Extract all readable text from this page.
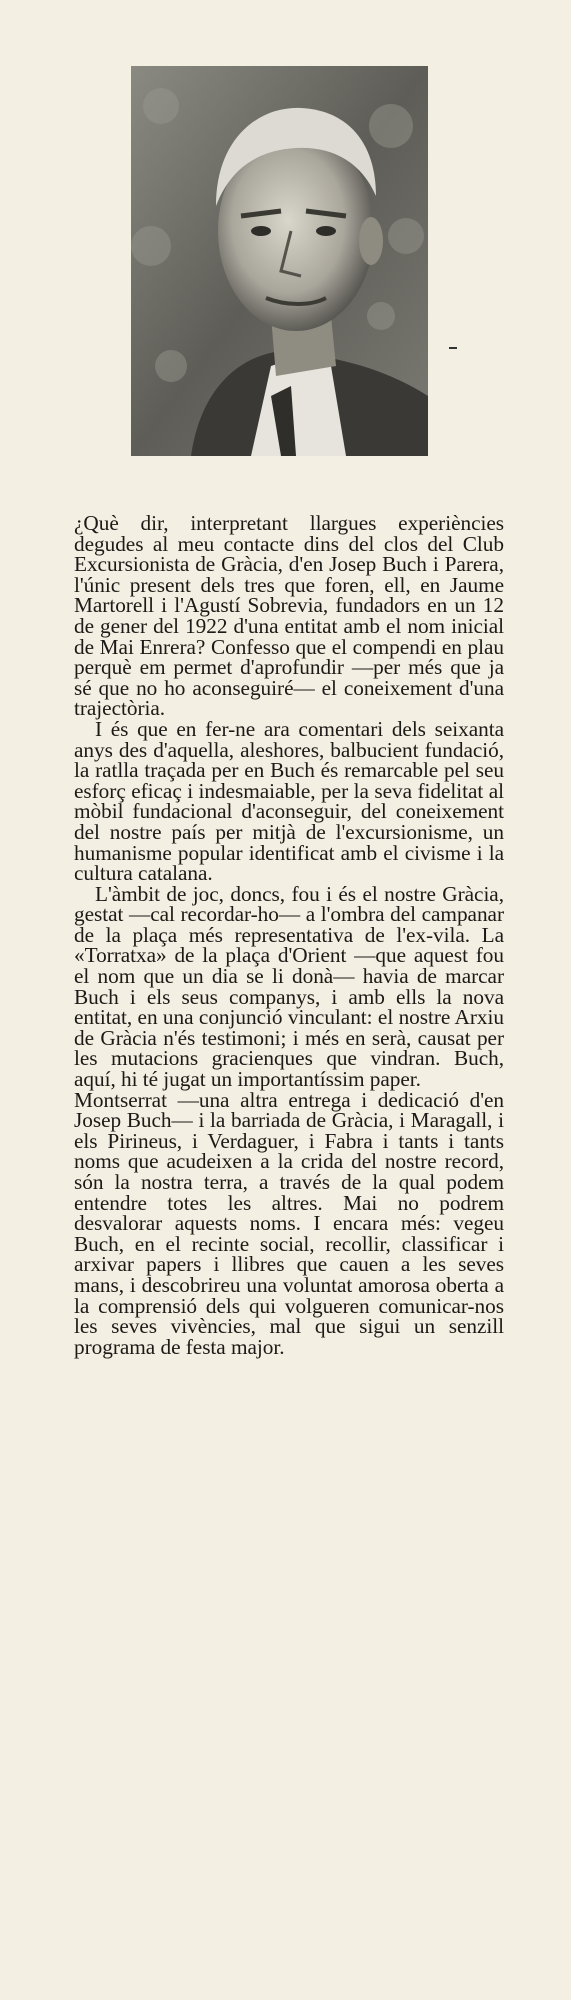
¿Què dir, interpretant llargues experiències degudes al meu contacte dins del clos del Club Excursionista de Gràcia, d'en Josep Buch i Parera, l'únic present dels tres que foren, ell, en Jaume Martorell i l'Agustí Sobrevia, fundadors en un 12 de gener del 1922 d'una entitat amb el nom inicial de Mai Enrera? Confesso que el compendi en plau perquè em permet d'aprofundir —per més que ja sé que no ho aconseguiré— el coneixement d'una trajectòria.

I és que en fer-ne ara comentari dels seixanta anys des d'aquella, aleshores, balbucient fundació, la ratlla traçada per en Buch és remarcable pel seu esforç eficaç i indesmaiable, per la seva fidelitat al mòbil fundacional d'aconseguir, del coneixement del nostre país per mitjà de l'excursionisme, un humanisme popular identificat amb el civisme i la cultura catalana.

L'àmbit de joc, doncs, fou i és el nostre Gràcia, gestat —cal recordar-ho— a l'ombra del campanar de la plaça més representativa de l'ex-vila. La «Torratxa» de la plaça d'Orient —que aquest fou el nom que un dia se li donà— havia de marcar Buch i els seus companys, i amb ells la nova entitat, en una conjunció vinculant: el nostre Arxiu de Gràcia n'és testimoni; i més en serà, causat per les mutacions gracienques que vindran. Buch, aquí, hi té jugat un importantíssim paper.

Montserrat —una altra entrega i dedicació d'en Josep Buch— i la barriada de Gràcia, i Maragall, i els Pirineus, i Verdaguer, i Fabra i tants i tants noms que acudeixen a la crida del nostre record, són la nostra terra, a través de la qual podem entendre totes les altres. Mai no podrem desvalorar aquests noms. I encara més: vegeu Buch, en el recinte social, recollir, classificar i arxivar papers i llibres que cauen a les seves mans, i descobrireu una voluntat amorosa oberta a la comprensió dels qui volgueren comunicar-nos les seves vivències, mal que sigui un senzill programa de festa major.
